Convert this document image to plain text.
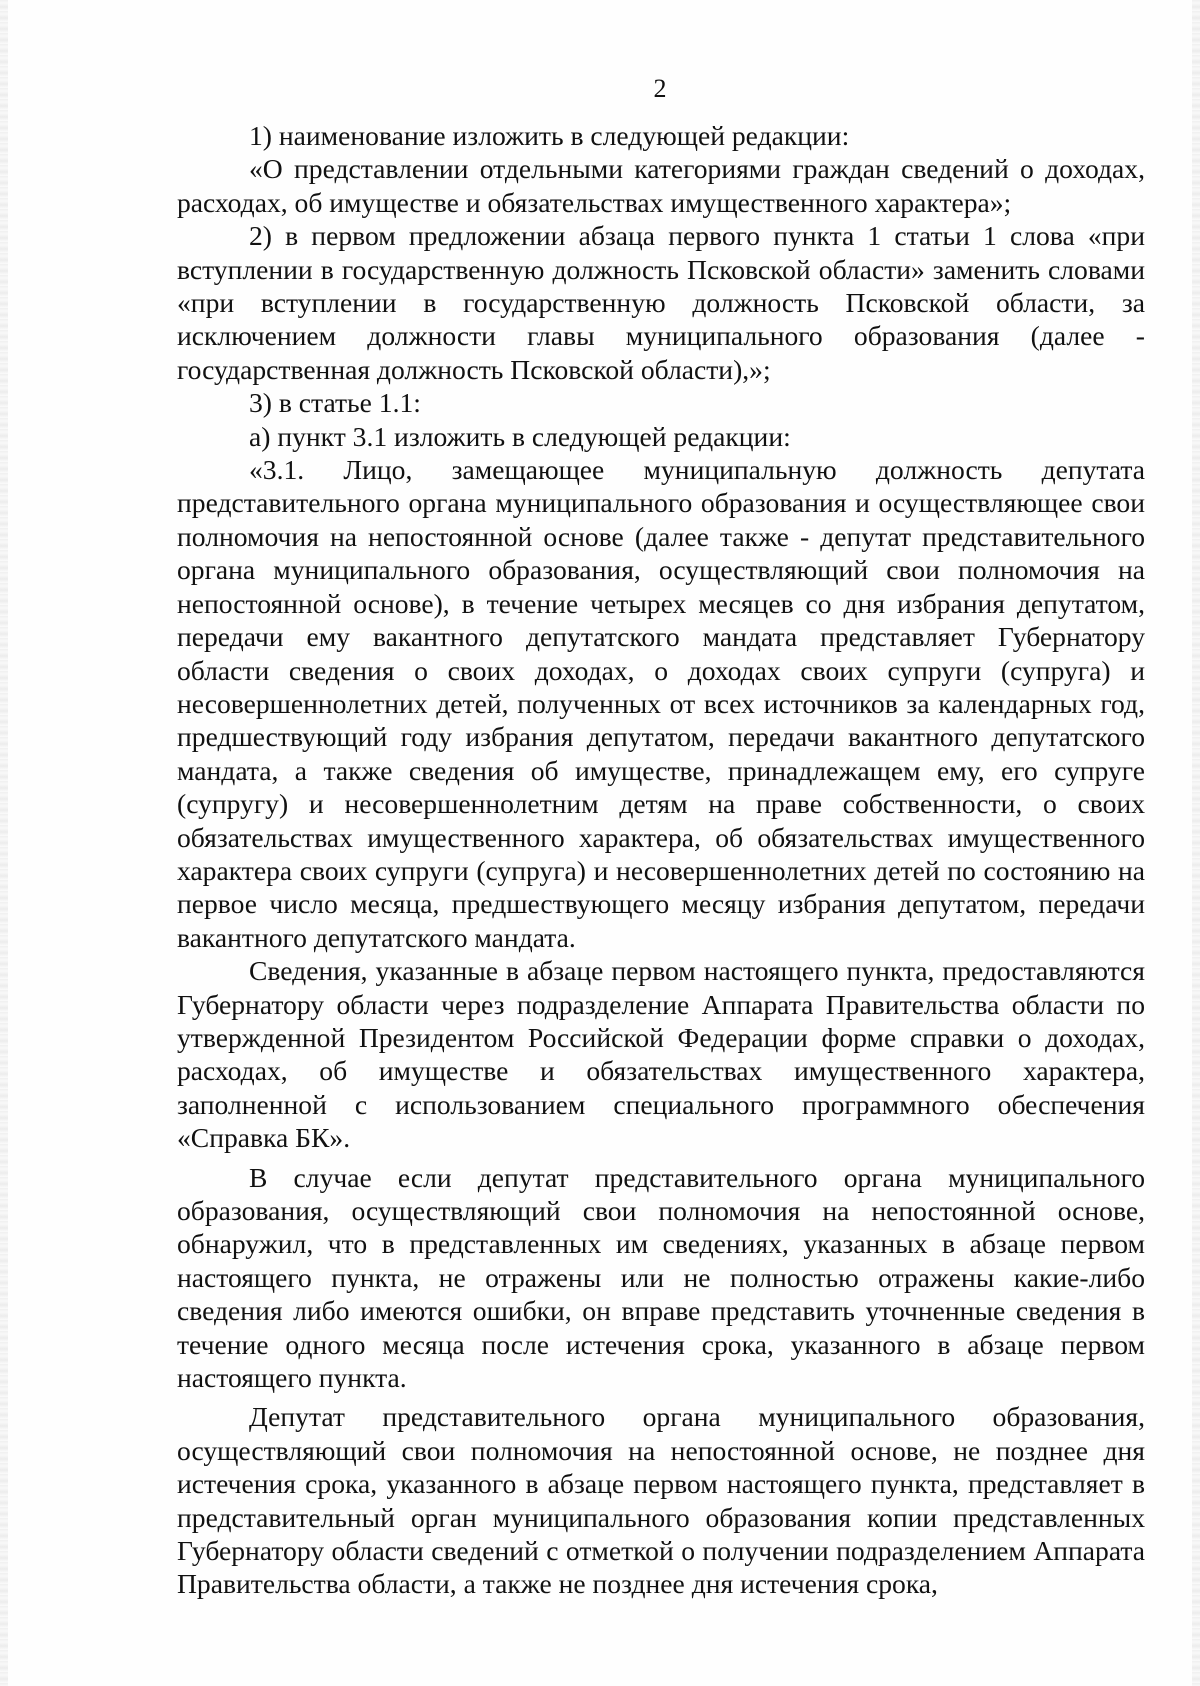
2

1) наименование изложить в следующей редакции:

«О представлении отдельными категориями граждан сведений о доходах, расходах, об имуществе и обязательствах имущественного характера»;

2) в первом предложении абзаца первого пункта 1 статьи 1 слова «при вступлении в государственную должность Псковской области» заменить словами «при вступлении в государственную должность Псковской области, за исключением должности главы муниципального образования (далее - государственная должность Псковской области),»;

3) в статье 1.1:

а) пункт 3.1 изложить в следующей редакции:

«3.1. Лицо, замещающее муниципальную должность депутата представительного органа муниципального образования и осуществляющее свои полномочия на непостоянной основе (далее также - депутат представительного органа муниципального образования, осуществляющий свои полномочия на непостоянной основе), в течение четырех месяцев со дня избрания депутатом, передачи ему вакантного депутатского мандата представляет Губернатору области сведения о своих доходах, о доходах своих супруги (супруга) и несовершеннолетних детей, полученных от всех источников за календарных год, предшествующий году избрания депутатом, передачи вакантного депутатского мандата, а также сведения об имуществе, принадлежащем ему, его супруге (супругу) и несовершеннолетним детям на праве собственности, о своих обязательствах имущественного характера, об обязательствах имущественного характера своих супруги (супруга) и несовершеннолетних детей по состоянию на первое число месяца, предшествующего месяцу избрания депутатом, передачи вакантного депутатского мандата.

Сведения, указанные в абзаце первом настоящего пункта, предоставляются Губернатору области через подразделение Аппарата Правительства области по утвержденной Президентом Российской Федерации форме справки о доходах, расходах, об имуществе и обязательствах имущественного характера, заполненной с использованием специального программного обеспечения «Справка БК».

В случае если депутат представительного органа муниципального образования, осуществляющий свои полномочия на непостоянной основе, обнаружил, что в представленных им сведениях, указанных в абзаце первом настоящего пункта, не отражены или не полностью отражены какие-либо сведения либо имеются ошибки, он вправе представить уточненные сведения в течение одного месяца после истечения срока, указанного в абзаце первом настоящего пункта.

Депутат представительного органа муниципального образования, осуществляющий свои полномочия на непостоянной основе, не позднее дня истечения срока, указанного в абзаце первом настоящего пункта, представляет в представительный орган муниципального образования копии представленных Губернатору области сведений с отметкой о получении подразделением Аппарата Правительства области, а также не позднее дня истечения срока,
